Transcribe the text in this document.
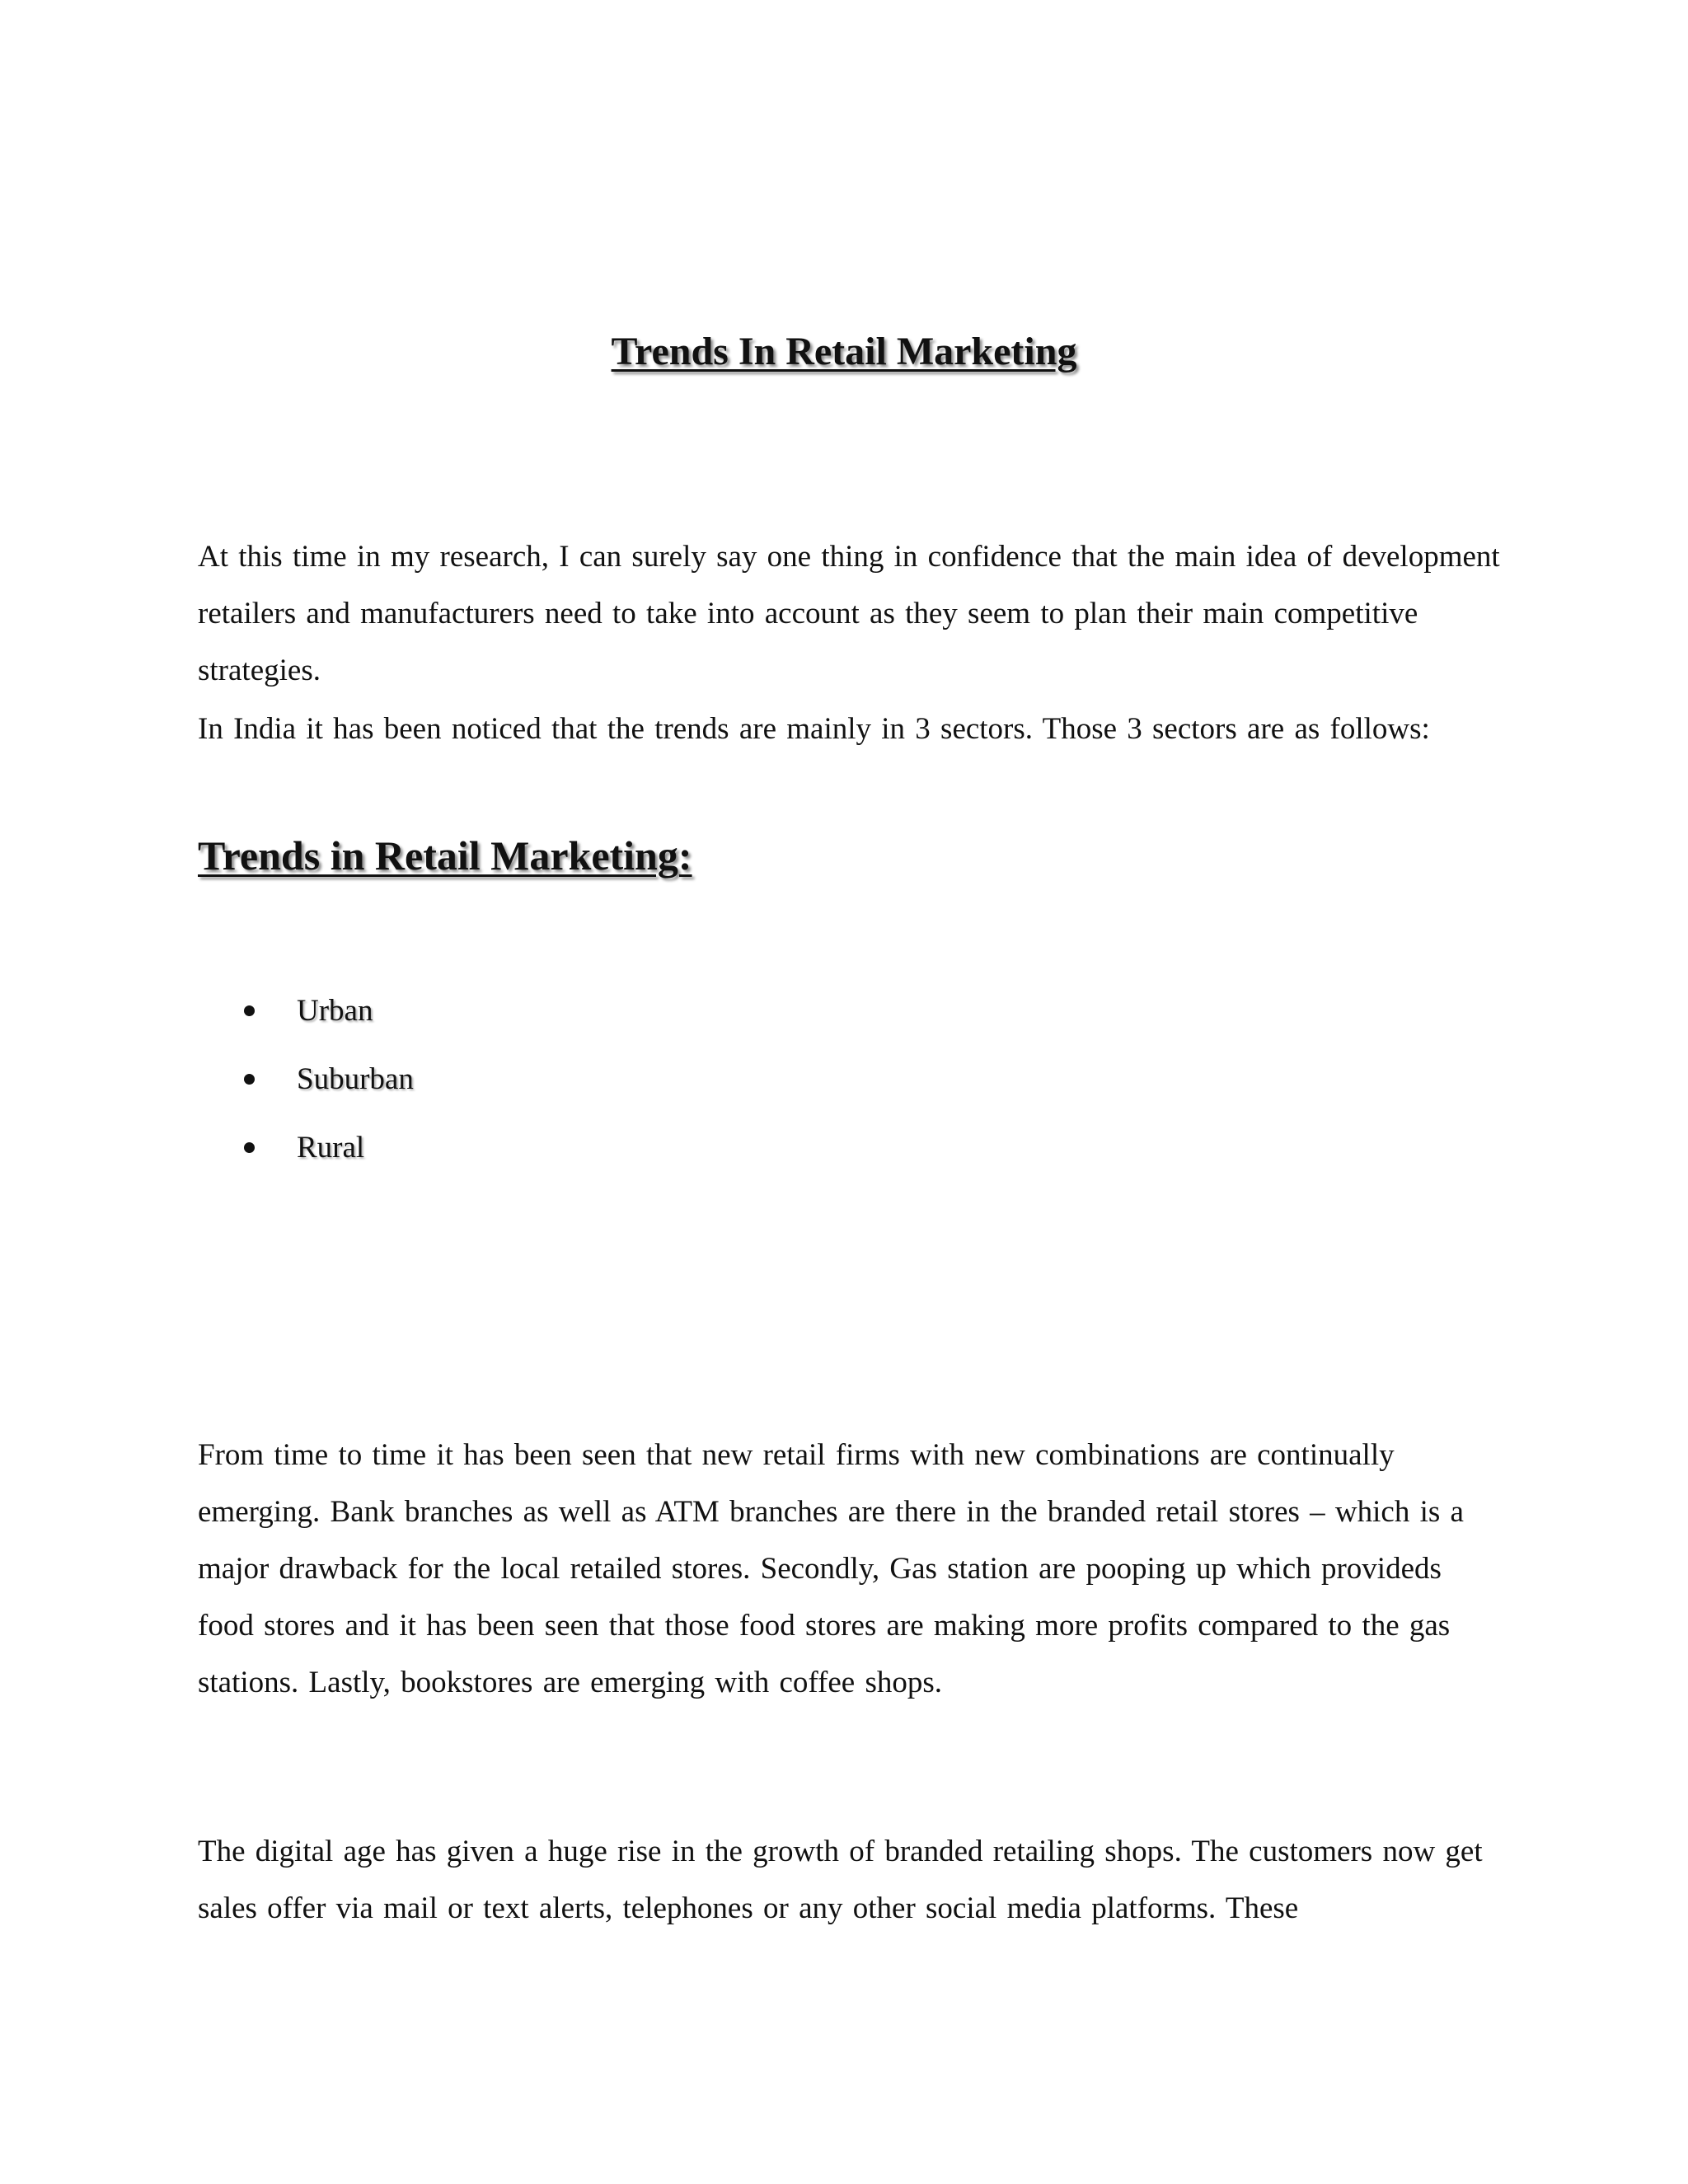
Trends In Retail Marketing

At this time in my research, I can surely say one thing in confidence that the main idea of development retailers and manufacturers need to take into account as they seem to plan their main competitive strategies.

In India it has been noticed that the trends are mainly in 3 sectors. Those 3 sectors are as follows:

Trends in Retail Marketing:
Urban
Suburban
Rural

From time to time it has been seen that new retail firms with new combinations are continually emerging. Bank branches as well as ATM branches are there in the branded retail stores – which is a major drawback for the local retailed stores. Secondly, Gas station are pooping up which provideds food stores and it has been seen that those food stores are making more profits compared to the gas stations. Lastly, bookstores are emerging with coffee shops.

The digital age has given a huge rise in the growth of branded retailing shops. The customers now get sales offer via mail or text alerts, telephones or any other social media platforms. These
